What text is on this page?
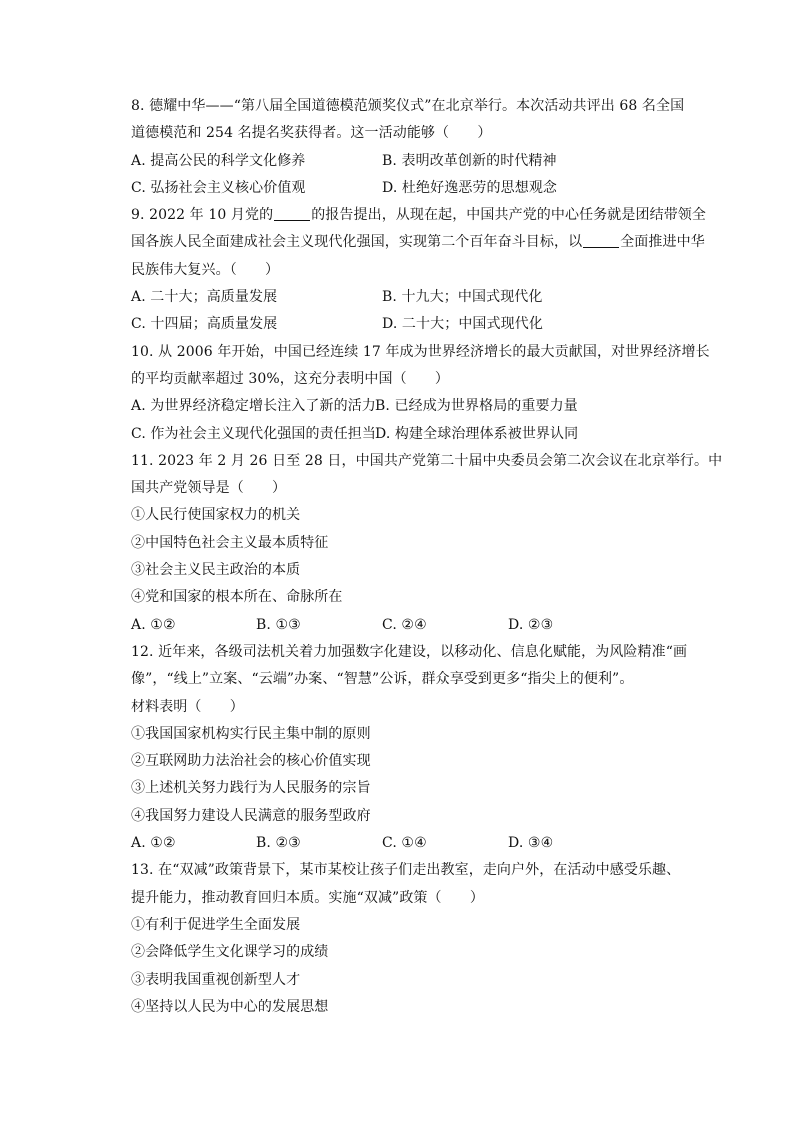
8. 德耀中华——“第八届全国道德模范颁奖仪式”在北京举行。本次活动共评出 68 名全国
道德模范和 254 名提名奖获得者。这一活动能够（　　）
A. 提高公民的科学文化修养	B. 表明改革创新的时代精神
C. 弘扬社会主义核心价值观	D. 杜绝好逸恶劳的思想观念
9. 2022 年 10 月党的	的报告提出，从现在起，中国共产党的中心任务就是团结带领全
国各族人民全面建成社会主义现代化强国，实现第二个百年奋斗目标，以	全面推进中华
民族伟大复兴。（　　）
A. 二十大；高质量发展	B. 十九大；中国式现代化
C. 十四届；高质量发展	D. 二十大；中国式现代化
10. 从 2006 年开始，中国已经连续 17 年成为世界经济增长的最大贡献国，对世界经济增长
的平均贡献率超过 30%，这充分表明中国（　　）
A. 为世界经济稳定增长注入了新的活力 B. 已经成为世界格局的重要力量
C. 作为社会主义现代化强国的责任担当
D. 构建全球治理体系被世界认同
11. 2023 年 2 月 26 日至 28 日，中国共产党第二十届中央委员会第二次会议在北京举行。中
国共产党领导是（　　）
①人民行使国家权力的机关
②中国特色社会主义最本质特征
③社会主义民主政治的本质
④党和国家的根本所在、命脉所在
A. ①②	B. ①③	C. ②④	D. ②③
12. 近年来，各级司法机关着力加强数字化建设，以移动化、信息化赋能，为风险精准“画
像”，“线上”立案、“云端”办案、“智慧”公诉，群众享受到更多“指尖上的便利”。
材料表明（　　）
①我国国家机构实行民主集中制的原则
②互联网助力法治社会的核心价值实现
③上述机关努力践行为人民服务的宗旨
④我国努力建设人民满意的服务型政府
A. ①②	B. ②③	C. ①④	D. ③④
13. 在“双减”政策背景下，某市某校让孩子们走出教室，走向户外，在活动中感受乐趣、
提升能力，推动教育回归本质。实施“双减”政策（　　）
①有利于促进学生全面发展
②会降低学生文化课学习的成绩
③表明我国重视创新型人才
④坚持以人民为中心的发展思想
